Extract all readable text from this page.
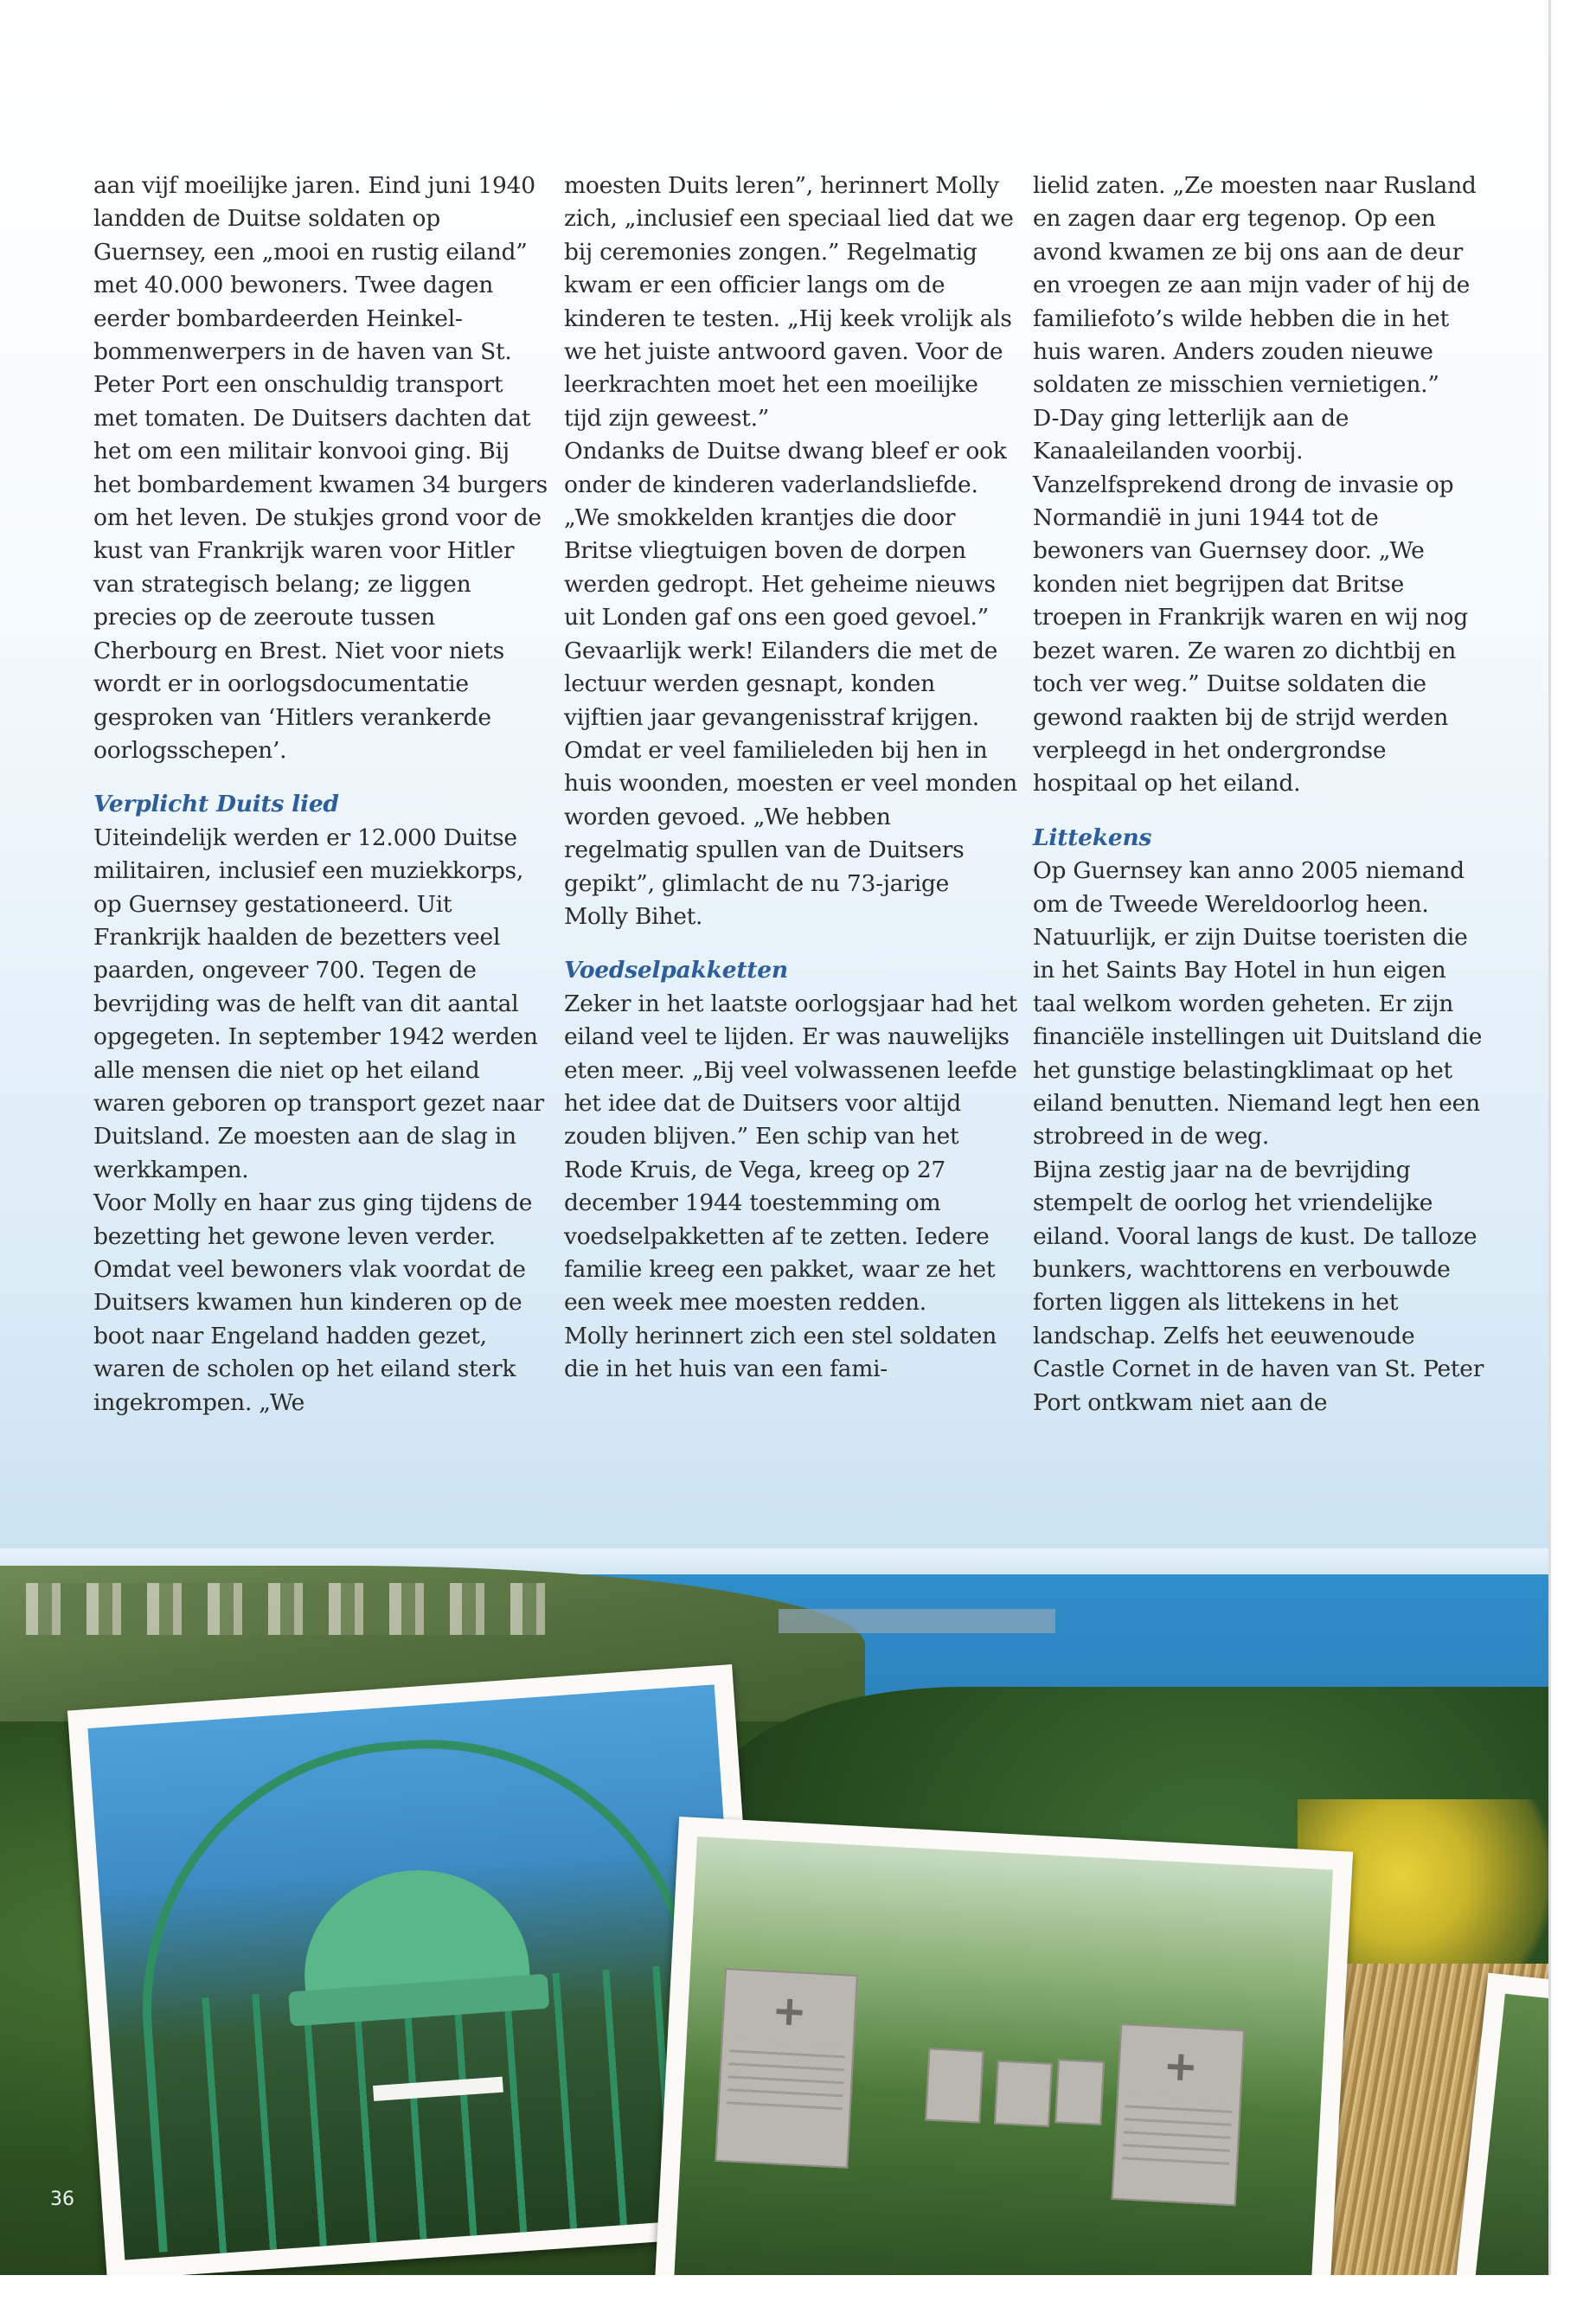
aan vijf moeilijke jaren. Eind juni 1940 landden de Duitse soldaten op Guernsey, een „mooi en rustig eiland” met 40.000 bewoners. Twee dagen eerder bombardeerden Heinkel-bommenwerpers in de haven van St. Peter Port een onschuldig transport met tomaten. De Duitsers dachten dat het om een militair konvooi ging. Bij het bombardement kwamen 34 burgers om het leven. De stukjes grond voor de kust van Frankrijk waren voor Hitler van strategisch belang; ze liggen precies op de zeeroute tussen Cherbourg en Brest. Niet voor niets wordt er in oorlogsdocumentatie gesproken van ‘Hitlers verankerde oorlogsschepen’.

Verplicht Duits lied

Uiteindelijk werden er 12.000 Duitse militairen, inclusief een muziekkorps, op Guernsey gestationeerd. Uit Frankrijk haalden de bezetters veel paarden, ongeveer 700. Tegen de bevrijding was de helft van dit aantal opgegeten. In september 1942 werden alle mensen die niet op het eiland waren geboren op transport gezet naar Duitsland. Ze moesten aan de slag in werkkampen.

Voor Molly en haar zus ging tijdens de bezetting het gewone leven verder. Omdat veel bewoners vlak voordat de Duitsers kwamen hun kinderen op de boot naar Engeland hadden gezet, waren de scholen op het eiland sterk ingekrompen. „We

moesten Duits leren”, herinnert Molly zich, „inclusief een speciaal lied dat we bij ceremonies zongen.” Regelmatig kwam er een officier langs om de kinderen te testen. „Hij keek vrolijk als we het juiste antwoord gaven. Voor de leerkrachten moet het een moeilijke tijd zijn geweest.”

Ondanks de Duitse dwang bleef er ook onder de kinderen vaderlandsliefde. „We smokkelden krantjes die door Britse vliegtuigen boven de dorpen werden gedropt. Het geheime nieuws uit Londen gaf ons een goed gevoel.” Gevaarlijk werk! Eilanders die met de lectuur werden gesnapt, konden vijftien jaar gevangenisstraf krijgen. Omdat er veel familieleden bij hen in huis woonden, moesten er veel monden worden gevoed. „We hebben regelmatig spullen van de Duitsers gepikt”, glimlacht de nu 73-jarige Molly Bihet.

Voedselpakketten

Zeker in het laatste oorlogsjaar had het eiland veel te lijden. Er was nauwelijks eten meer. „Bij veel volwassenen leefde het idee dat de Duitsers voor altijd zouden blijven.” Een schip van het Rode Kruis, de Vega, kreeg op 27 december 1944 toestemming om voedselpakketten af te zetten. Iedere familie kreeg een pakket, waar ze het een week mee moesten redden.

Molly herinnert zich een stel soldaten die in het huis van een fami-

lielid zaten. „Ze moesten naar Rusland en zagen daar erg tegenop. Op een avond kwamen ze bij ons aan de deur en vroegen ze aan mijn vader of hij de familiefoto’s wilde hebben die in het huis waren. Anders zouden nieuwe soldaten ze misschien vernietigen.”

D-Day ging letterlijk aan de Kanaaleilanden voorbij. Vanzelfsprekend drong de invasie op Normandië in juni 1944 tot de bewoners van Guernsey door. „We konden niet begrijpen dat Britse troepen in Frankrijk waren en wij nog bezet waren. Ze waren zo dichtbij en toch ver weg.” Duitse soldaten die gewond raakten bij de strijd werden verpleegd in het ondergrondse hospitaal op het eiland.

Littekens

Op Guernsey kan anno 2005 niemand om de Tweede Wereldoorlog heen. Natuurlijk, er zijn Duitse toeristen die in het Saints Bay Hotel in hun eigen taal welkom worden geheten. Er zijn financiële instellingen uit Duitsland die het gunstige belastingklimaat op het eiland benutten. Niemand legt hen een strobreed in de weg.

Bijna zestig jaar na de bevrijding stempelt de oorlog het vriendelijke eiland. Vooral langs de kust. De talloze bunkers, wachttorens en verbouwde forten liggen als littekens in het landschap. Zelfs het eeuwenoude Castle Cornet in de haven van St. Peter Port ontkwam niet aan de

36
